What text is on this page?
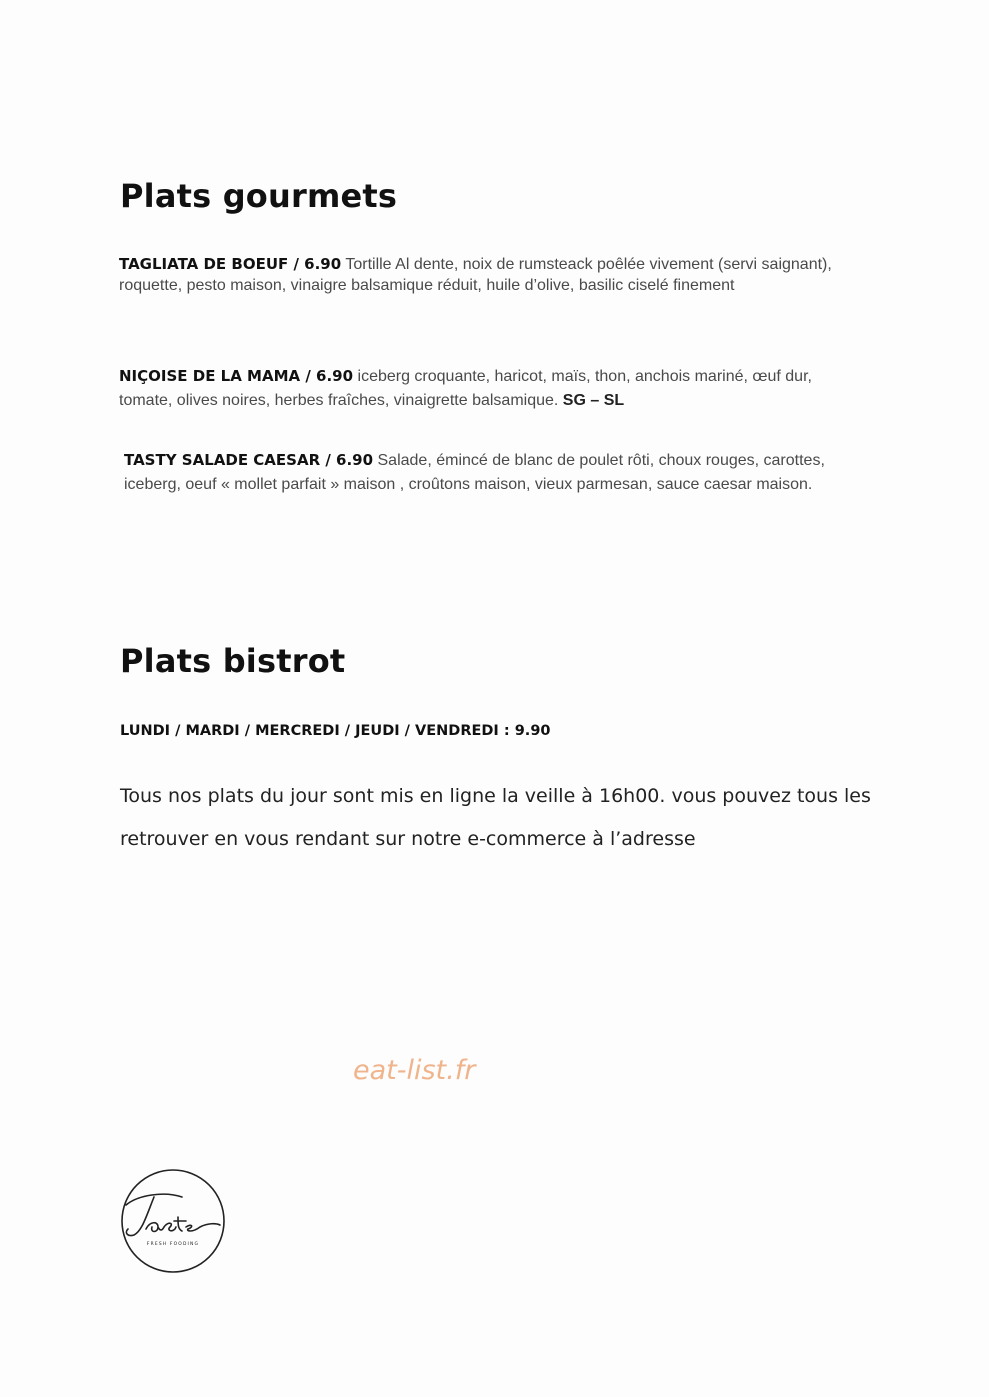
Plats gourmets

TAGLIATA DE BOEUF / 6.90 Tortille Al dente, noix de rumsteack poêlée vivement (servi saignant), roquette, pesto maison, vinaigre balsamique réduit, huile d’olive, basilic ciselé finement

NIÇOISE DE LA MAMA / 6.90 iceberg croquante, haricot, maïs, thon, anchois mariné, œuf dur, tomate, olives noires, herbes fraîches, vinaigrette balsamique. SG – SL

TASTY SALADE CAESAR / 6.90 Salade, émincé de blanc de poulet rôti, choux rouges, carottes, iceberg, oeuf « mollet parfait » maison , croûtons maison, vieux parmesan, sauce caesar maison.

Plats bistrot

LUNDI / MARDI / MERCREDI / JEUDI / VENDREDI : 9.90

Tous nos plats du jour sont mis en ligne la veille à 16h00. vous pouvez tous les retrouver en vous rendant sur notre e-commerce à l’adresse

eat-list.fr

FRESH FOODING
